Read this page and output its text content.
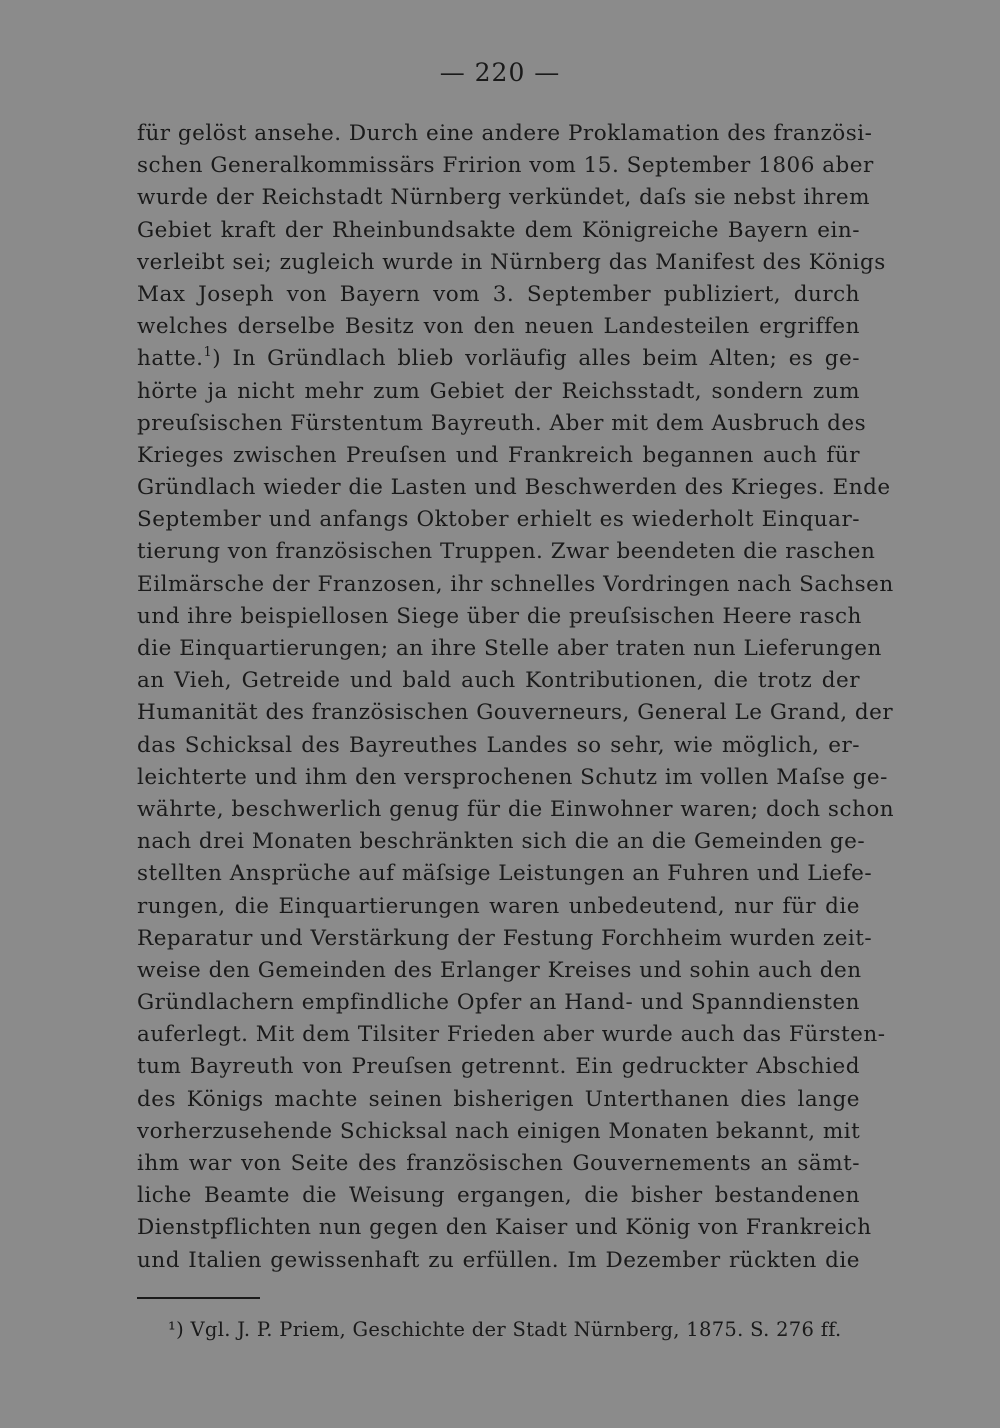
— 220 —
für gelöst ansehe. Durch eine andere Proklamation des französi-
schen Generalkommissärs Fririon vom 15. September 1806 aber
wurde der Reichstadt Nürnberg verkündet, daſs sie nebst ihrem
Gebiet kraft der Rheinbundsakte dem Königreiche Bayern ein-
verleibt sei; zugleich wurde in Nürnberg das Manifest des Königs
Max Joseph von Bayern vom 3. September publiziert, durch
welches derselbe Besitz von den neuen Landesteilen ergriffen
hatte.$^1$) In Gründlach blieb vorläufig alles beim Alten; es ge-
hörte ja nicht mehr zum Gebiet der Reichsstadt, sondern zum
preuſsischen Fürstentum Bayreuth. Aber mit dem Ausbruch des
Krieges zwischen Preuſsen und Frankreich begannen auch für
Gründlach wieder die Lasten und Beschwerden des Krieges. Ende
September und anfangs Oktober erhielt es wiederholt Einquar-
tierung von französischen Truppen. Zwar beendeten die raschen
Eilmärsche der Franzosen, ihr schnelles Vordringen nach Sachsen
und ihre beispiellosen Siege über die preuſsischen Heere rasch
die Einquartierungen; an ihre Stelle aber traten nun Lieferungen
an Vieh, Getreide und bald auch Kontributionen, die trotz der
Humanität des französischen Gouverneurs, General Le Grand, der
das Schicksal des Bayreuthes Landes so sehr, wie möglich, er-
leichterte und ihm den versprochenen Schutz im vollen Maſse ge-
währte, beschwerlich genug für die Einwohner waren; doch schon
nach drei Monaten beschränkten sich die an die Gemeinden ge-
stellten Ansprüche auf mäſsige Leistungen an Fuhren und Liefe-
rungen, die Einquartierungen waren unbedeutend, nur für die
Reparatur und Verstärkung der Festung Forchheim wurden zeit-
weise den Gemeinden des Erlanger Kreises und sohin auch den
Gründlachern empfindliche Opfer an Hand- und Spanndiensten
auferlegt. Mit dem Tilsiter Frieden aber wurde auch das Fürsten-
tum Bayreuth von Preuſsen getrennt. Ein gedruckter Abschied
des Königs machte seinen bisherigen Unterthanen dies lange
vorherzusehende Schicksal nach einigen Monaten bekannt, mit
ihm war von Seite des französischen Gouvernements an sämt-
liche Beamte die Weisung ergangen, die bisher bestandenen
Dienstpflichten nun gegen den Kaiser und König von Frankreich
und Italien gewissenhaft zu erfüllen. Im Dezember rückten die
¹) Vgl. J. P. Priem, Geschichte der Stadt Nürnberg, 1875. S. 276 ff.
